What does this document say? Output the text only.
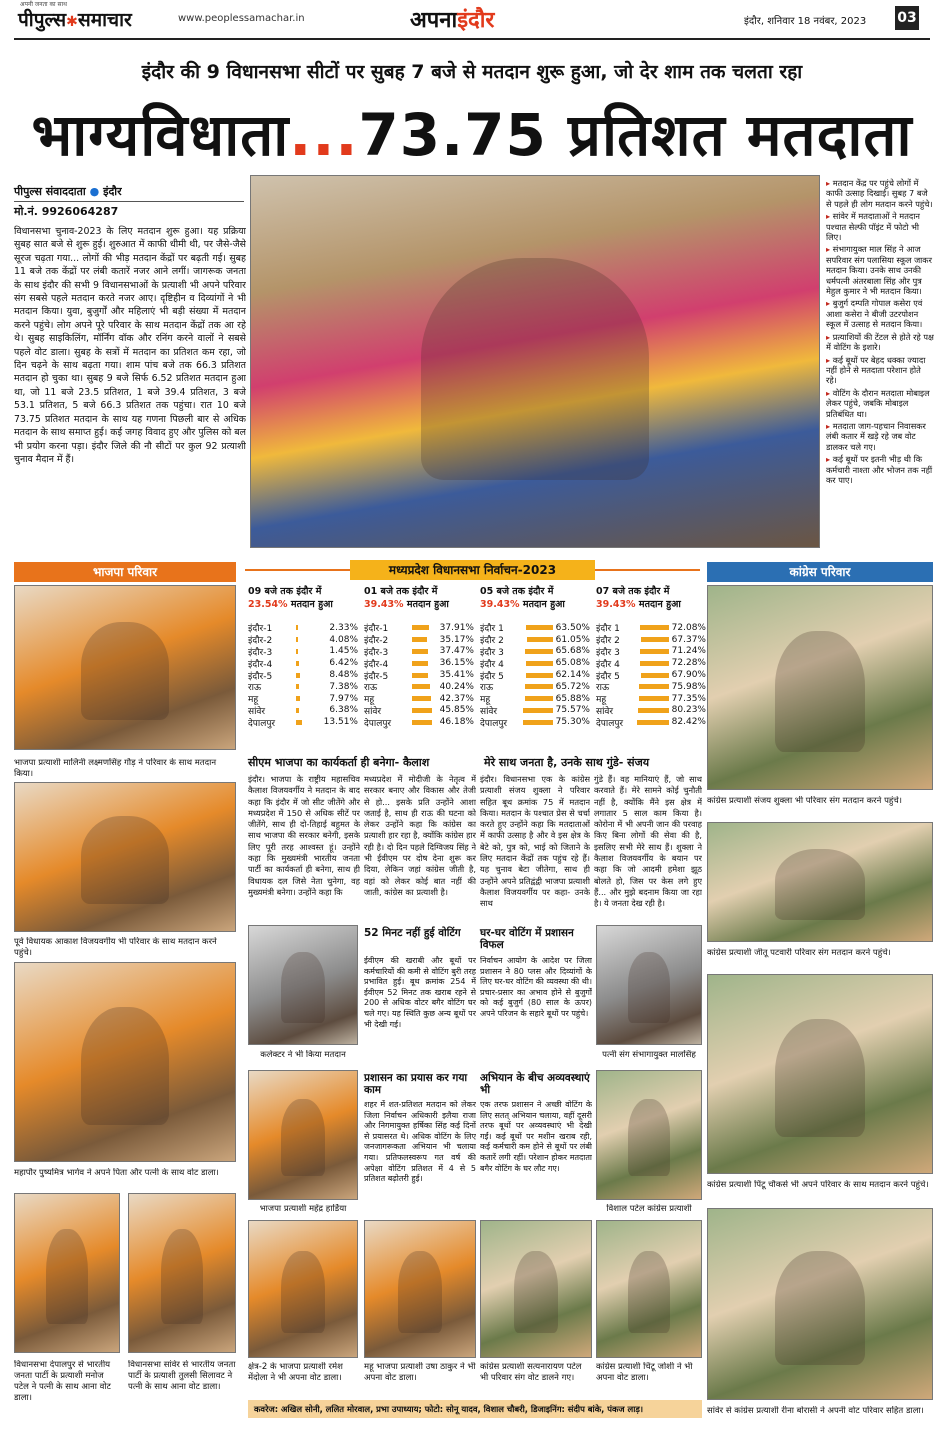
पीपुल्स✱समाचार
अपनी जनता का साथ
www.peoplessamachar.in	अपनाइंदौर	इंदौर, शनिवार 18 नवंबर, 2023 03
इंदौर की 9 विधानसभा सीटों पर सुबह 7 बजे से मतदान शुरू हुआ, जो देर शाम तक चलता रहा
भाग्यविधाता...73.75 प्रतिशत मतदाता
पीपुल्स संवाददाता ● इंदौर
मो.नं. 9926064287
विधानसभा चुनाव-2023 के लिए मतदान शुरू हुआ। यह प्रक्रिया सुबह सात बजे से शुरू हुई। शुरुआत में काफी धीमी थी, पर जैसे-जैसे सूरज चढ़ता गया... लोगों की भीड़ मतदान केंद्रों पर बढ़ती गई। सुबह 11 बजे तक केंद्रों पर लंबी कतारें नजर आने लगीं। जागरूक जनता के साथ इंदौर की सभी 9 विधानसभाओं के प्रत्याशी भी अपने परिवार संग सबसे पहले मतदान करते नजर आए। दृष्टिहीन व दिव्यांगों ने भी मतदान किया। युवा, बुजुर्गों और महिलाएं भी बड़ी संख्या में मतदान करने पहुंचे। लोग अपने पूरे परिवार के साथ मतदान केंद्रों तक आ रहे थे। सुबह साइकिलिंग, मॉर्निंग वॉक और रनिंग करने वालों ने सबसे पहले वोट डाला। सुबह के सत्रों में मतदान का प्रतिशत कम रहा, जो दिन चढ़ने के साथ बढ़ता गया। शाम पांच बजे तक 66.3 प्रतिशत मतदान हो चुका था। सुबह 9 बजे सिर्फ 6.52 प्रतिशत मतदान हुआ था, जो 11 बजे 23.5 प्रतिशत, 1 बजे 39.4 प्रतिशत, 3 बजे 53.1 प्रतिशत, 5 बजे 66.3 प्रतिशत तक पहुंचा। रात 10 बजे 73.75 प्रतिशत मतदान के साथ यह गणना पिछली बार से अधिक मतदान के साथ समाप्त हुई। कई जगह विवाद हुए और पुलिस को बल भी प्रयोग करना पड़ा। इंदौर जिले की नौ सीटों पर कुल 92 प्रत्याशी चुनाव मैदान में हैं।
▸ मतदान केंद्र पर पहुंचे लोगों में काफी उत्साह दिखाई। सुबह 7 बजे से पहले ही लोग मतदान करने पहुंचे।
▸ सांवेर में मतदाताओं ने मतदान पश्चात सेल्फी पॉइंट में फोटो भी लिए।
▸ संभागायुक्त माल सिंह ने आज सपरिवार संग पलासिया स्कूल जाकर मतदान किया। उनके साथ उनकी धर्मपत्नी अंतरबाला सिंह और पुत्र मेहुल कुमार ने भी मतदान किया।
▸ बुजुर्ग दम्पति गोपाल कसेरा एवं आशा कसेरा ने बीजी उटरपोशन स्कूल में उत्साह से मतदान किया।
▸ प्रत्याशियों की टेंटल से होते रहे पक्ष में वोटिंग के इशारे।
▸ कई बूथों पर बेहद धक्का ज्यादा नहीं होने से मतदाता परेशान होते रहे।
▸ वोटिंग के दौरान मतदाता मोबाइल लेकर पहुंचे, जबकि मोबाइल प्रतिबंधित था।
▸ मतदाता जाग-पहचान निवासकर लंबी कतार में खड़े रहे जब वोट डालकर चले गए।
▸ कई बूथों पर इतनी भीड़ थी कि कर्मचारी नाश्ता और भोजन तक नहीं कर पाए।
भाजपा परिवार
भाजपा प्रत्याशी मालिनी लक्ष्मणसिंह गौड़ ने परिवार के साथ मतदान किया।
पूर्व विधायक आकाश विजयवर्गीय भी परिवार के साथ मतदान करने पहुंचे।
महापौर पुष्यमित्र भार्गव ने अपने पिता और पत्नी के साथ वोट डाला।
विधानसभा देपालपुर से भारतीय जनता पार्टी के प्रत्याशी मनोज पटेल ने पत्नी के साथ आना वोट डाला।
विधानसभा सांवेर से भारतीय जनता पार्टी के प्रत्याशी तुलसी सिलावट ने पत्नी के साथ आना वोट डाला।
कांग्रेस परिवार
कांग्रेस प्रत्याशी संजय शुक्ला भी परिवार संग मतदान करने पहुंचे।
कांग्रेस प्रत्याशी जीतू पटवारी परिवार संग मतदान करने पहुंचे।
कांग्रेस प्रत्याशी पिंटू चौकसे भी अपने परिवार के साथ मतदान करने पहुंचे।
सांवेर से कांग्रेस प्रत्याशी रीना बोरासी ने अपनी वोट परिवार सहित डाला।
मध्यप्रदेश विधानसभा निर्वाचन-2023
09 बजे तक इंदौर में
23.54% मतदान हुआ
इंदौर-1	2.33%
इंदौर-2	4.08%
इंदौर-3	1.45%
इंदौर-4	6.42%
इंदौर-5	8.48%
राऊ	7.38%
महू	7.97%
सांवेर	6.38%
देपालपुर	13.51%
01 बजे तक इंदौर में
39.43% मतदान हुआ
इंदौर-1	37.91%
इंदौर-2	35.17%
इंदौर-3	37.47%
इंदौर-4	36.15%
इंदौर-5	35.41%
राऊ	40.24%
महू	42.37%
सांवेर	45.85%
देपालपुर	46.18%
05 बजे तक इंदौर में
39.43% मतदान हुआ
इंदौर 1	63.50%
इंदौर 2	61.05%
इंदौर 3	65.68%
इंदौर 4	65.08%
इंदौर 5	62.14%
राऊ	65.72%
महू	65.88%
सांवेर	75.57%
देपालपुर	75.30%
07 बजे तक इंदौर में
39.43% मतदान हुआ
इंदौर 1	72.08%
इंदौर 2	67.37%
इंदौर 3	71.24%
इंदौर 4	72.28%
इंदौर 5	67.90%
राऊ	75.98%
महू	77.35%
सांवेर	80.23%
देपालपुर	82.42%
सीएम भाजपा का कार्यकर्ता ही बनेगा- कैलाश
इंदौर। भाजपा के राष्ट्रीय महासचिव कैलाश विजयवर्गीय ने मतदान के बाद कहा कि इंदौर में जो सीट जीतेंगे और मध्यप्रदेश में 150 से अधिक सीटें पर जीतेंगे, साथ ही दो-तिहाई बहुमत के साथ भाजपा की सरकार बनेगी, इसके लिए पूरी तरह आश्वस्त हूं। उन्होंने कहा कि मुख्यमंत्री भारतीय जनता पार्टी का कार्यकर्ता ही बनेगा, साथ ही विधायक दल जिसे नेता चुनेगा, वह मुख्यमंत्री बनेगा। उन्होंने कहा कि
मध्यप्रदेश में मोदीजी के नेतृत्व में सरकार बनाए और विकास और तेजी से हो... इसके प्रति उन्होंने आशा जताई है, साथ ही राऊ की घटना को लेकर उन्होंने कहा कि कांग्रेस का प्रत्याशी हार रहा है, क्योंकि कांग्रेस हार रही है। दो दिन पहले दिग्विजय सिंह ने भी ईवीएम पर दोष देना शुरू कर दिया, लेकिन जहां कांग्रेस जीती है, वहां को लेकर कोई बात नहीं की जाती, कांग्रेस का प्रत्याशी है।
मेरे साथ जनता है, उनके साथ गुंडे- संजय
इंदौर। विधानसभा एक के कांग्रेस प्रत्याशी संजय शुक्ला ने परिवार सहित बूथ क्रमांक 75 में मतदान किया। मतदान के पश्चात प्रेस से चर्चा करते हुए उन्होंने कहा कि मतदाताओं में काफी उत्साह है और वे इस क्षेत्र के बेटे को, पुत्र को, भाई को जिताने के लिए मतदान केंद्रों तक पहुंच रहे हैं। यह चुनाव बेटा जीतेगा, साथ ही उन्होंने अपने प्रतिद्वंद्वी भाजपा प्रत्याशी कैलाश विजयवर्गीय पर कहा- उनके साथ
गुंडे हैं। वह मानियाएं हैं, जो साथ करवाते हैं। मेरे सामने कोई चुनौती नहीं है, क्योंकि मैंने इस क्षेत्र में लगातार 5 साल काम किया है। कोरोना में भी अपनी जान की परवाह किए बिना लोगों की सेवा की है, इसलिए सभी मेरे साथ हैं। शुक्ला ने कैलाश विजयवर्गीय के बयान पर कहा कि जो आदमी हमेशा झूठ बोलते हो, जिस पर केस लगे हुए हैं... और मुझे बदनाम किया जा रहा है। ये जनता देख रही है।
कलेक्टर ने भी किया मतदान
52 मिनट नहीं हुई वोटिंग
ईवीएम की खराबी और बूथों पर कर्मचारियों की कमी से वोटिंग बुरी तरह प्रभावित हुई। बूथ क्रमांक 254 में ईवीएम 52 मिनट तक खराब रहने से 200 से अधिक वोटर बगैर वोटिंग घर चले गए। यह स्थिति कुछ अन्य बूथों पर भी देखी गई।
घर-घर वोटिंग में प्रशासन विफल
निर्वाचन आयोग के आदेश पर जिला प्रशासन ने 80 प्लस और दिव्यांगों के लिए घर-घर वोटिंग की व्यवस्था की थी। प्रचार-प्रसार का अभाव होने से बुजुर्गों को कई बुजुर्ग (80 साल के ऊपर) अपने परिजन के सहारे बूथों पर पहुंचे।
पत्नी संग संभागायुक्त मालसिंह
भाजपा प्रत्याशी महेंद्र हार्डिया
प्रशासन का प्रयास कर गया काम
शहर में शत-प्रतिशत मतदान को लेकर जिला निर्वाचन अधिकारी इलैया राजा और निगमायुक्त हर्षिका सिंह कई दिनों से प्रयासरत थे। अधिक वोटिंग के लिए जनजागरूकता अभियान भी चलाया गया। प्रतिफलस्वरूप गत वर्ष की अपेक्षा वोटिंग प्रतिशत में 4 से 5 प्रतिशत बढ़ोतरी हुई।
अभियान के बीच अव्यवस्थाएं भी
एक तरफ प्रशासन ने अच्छी वोटिंग के लिए सतत् अभियान चलाया, वहीं दूसरी तरफ बूथों पर अव्यवस्थाएं भी देखी गईं। कई बूथों पर मशीन खराब रही, कई कर्मचारी कम होने से बूथों पर लंबी कतारें लगी रहीं। परेशान होकर मतदाता बगैर वोटिंग के घर लौट गए।
विशाल पटेल कांग्रेस प्रत्याशी
क्षेत्र-2 के भाजपा प्रत्याशी रमेश मेंदोला ने भी अपना वोट डाला।
महू भाजपा प्रत्याशी उषा ठाकुर ने भी अपना वोट डाला।
कांग्रेस प्रत्याशी सत्यनारायण पटेल भी परिवार संग वोट डालने गए।
कांग्रेस प्रत्याशी चिंटू जोशी ने भी अपना वोट डाला।
कवरेज: अखिल सोनी, ललित मोरवाल, प्रभा उपाध्याय; फोटो: सोनू यादव, विशाल चौबरी, डिजाइनिंग: संदीप बांके, पंकज लाड़।
